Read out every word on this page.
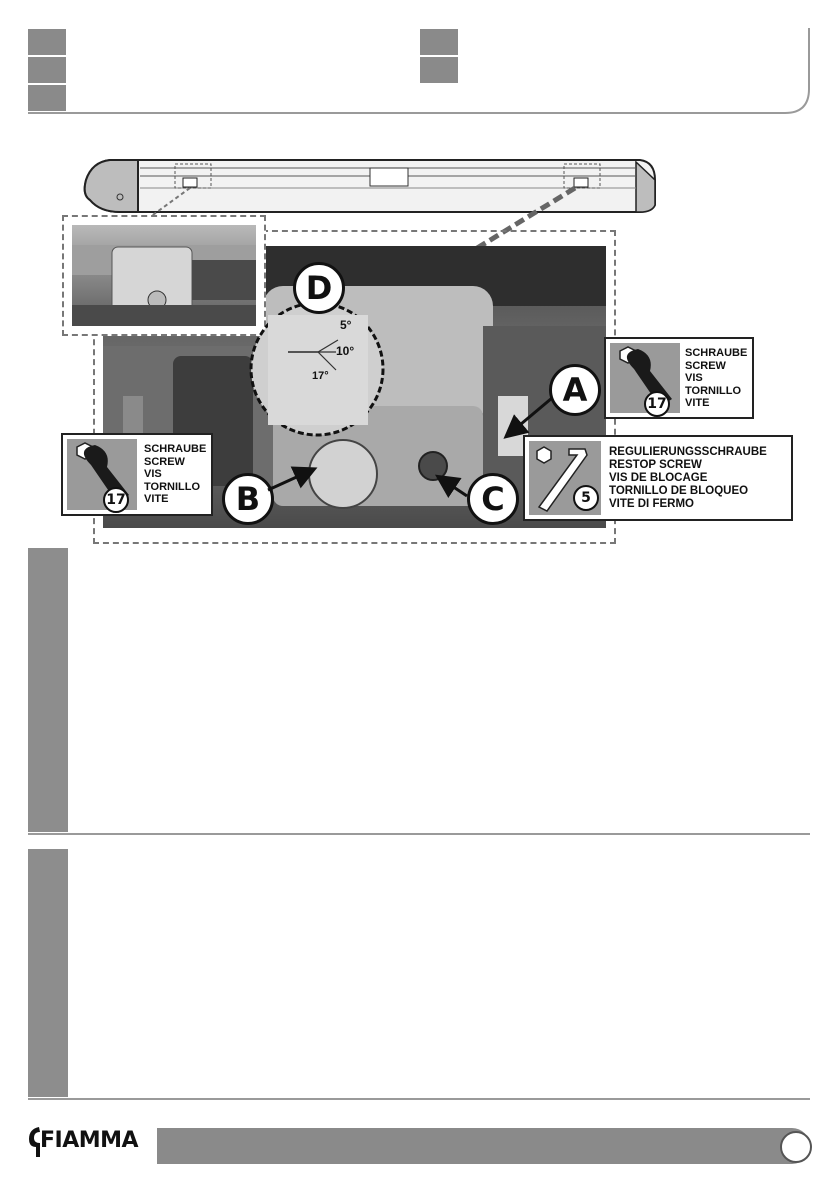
5°
10°
17°
D
A
B	C
17
SCHRAUBE
SCREW
VIS
TORNILLO
VITE
17
SCHRAUBE
SCREW
VIS
TORNILLO
VITE	5
REGULIERUNGSSCHRAUBE
RESTOP SCREW
VIS DE BLOCAGE
TORNILLO DE BLOQUEO
VITE DI FERMO
FIAMMA
